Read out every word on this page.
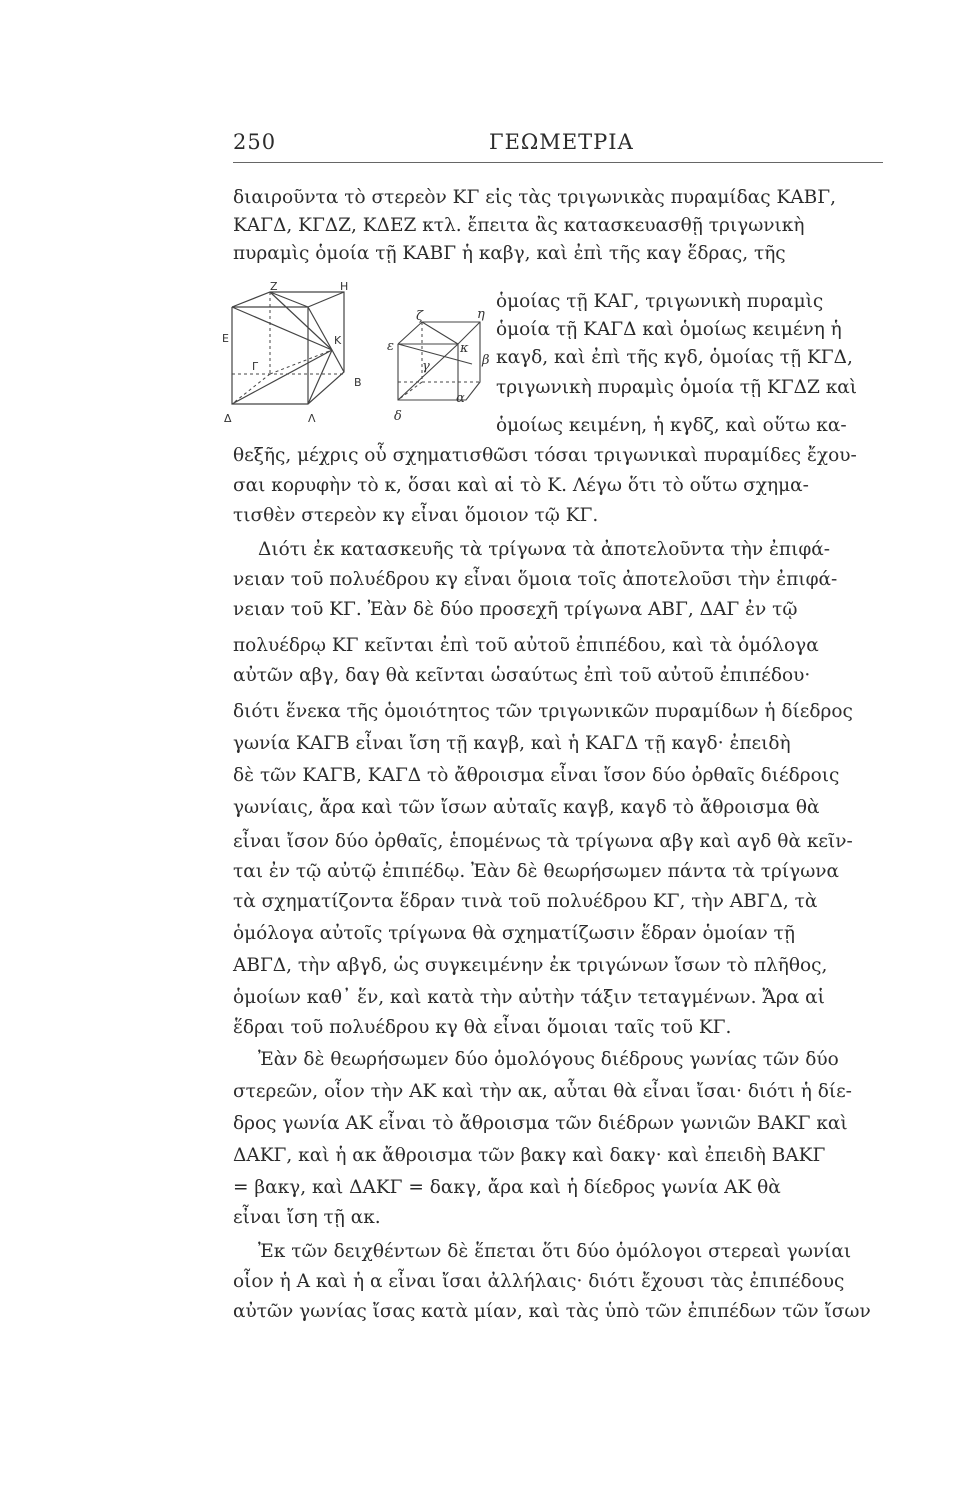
250	ΓΕΩΜΕΤΡΙΑ
Z	H
E	K
Γ
B
Δ	Λ
ζ	η
ε	κ
γ	β
α
δ
διαιροῦντα τὸ στερεὸν ΚΓ εἰς τὰς τριγωνικὰς πυραμίδας ΚΑΒΓ,
ΚΑΓΔ, ΚΓΔΖ, ΚΔΕΖ κτλ. ἔπειτα ἂς κατασκευασθῇ τριγωνικὴ
πυραμὶς ὁμοία τῇ ΚΑΒΓ ἡ καβγ, καὶ ἐπὶ τῆς καγ ἕδρας, τῆς
ὁμοίας τῇ ΚΑΓ, τριγωνικὴ πυραμὶς
ὁμοία τῇ ΚΑΓΔ καὶ ὁμοίως κειμένη ἡ
καγδ, καὶ ἐπὶ τῆς κγδ, ὁμοίας τῇ ΚΓΔ,
τριγωνικὴ πυραμὶς ὁμοία τῇ ΚΓΔΖ καὶ
ὁμοίως κειμένη, ἡ κγδζ, καὶ οὕτω κα-
θεξῆς, μέχρις οὗ σχηματισθῶσι τόσαι τριγωνικαὶ πυραμίδες ἔχου-
σαι κορυφὴν τὸ κ, ὅσαι καὶ αἱ τὸ Κ. Λέγω ὅτι τὸ οὕτω σχημα-
τισθὲν στερεὸν κγ εἶναι ὅμοιον τῷ ΚΓ.
Διότι ἐκ κατασκευῆς τὰ τρίγωνα τὰ ἀποτελοῦντα τὴν ἐπιφά-
νειαν τοῦ πολυέδρου κγ εἶναι ὅμοια τοῖς ἀποτελοῦσι τὴν ἐπιφά-
νειαν τοῦ ΚΓ. Ἐὰν δὲ δύο προσεχῆ τρίγωνα ΑΒΓ, ΔΑΓ ἐν τῷ
πολυέδρῳ ΚΓ κεῖνται ἐπὶ τοῦ αὐτοῦ ἐπιπέδου, καὶ τὰ ὁμόλογα
αὐτῶν αβγ, δαγ θὰ κεῖνται ὡσαύτως ἐπὶ τοῦ αὐτοῦ ἐπιπέδου·
διότι ἕνεκα τῆς ὁμοιότητος τῶν τριγωνικῶν πυραμίδων ἡ δίεδρος
γωνία ΚΑΓΒ εἶναι ἴση τῇ καγβ, καὶ ἡ ΚΑΓΔ τῇ καγδ· ἐπειδὴ
δὲ τῶν ΚΑΓΒ, ΚΑΓΔ τὸ ἄθροισμα εἶναι ἴσον δύο ὀρθαῖς διέδροις
γωνίαις, ἄρα καὶ τῶν ἴσων αὐταῖς καγβ, καγδ τὸ ἄθροισμα θὰ
εἶναι ἴσον δύο ὀρθαῖς, ἑπομένως τὰ τρίγωνα αβγ καὶ αγδ θὰ κεῖν-
ται ἐν τῷ αὐτῷ ἐπιπέδῳ. Ἐὰν δὲ θεωρήσωμεν πάντα τὰ τρίγωνα
τὰ σχηματίζοντα ἕδραν τινὰ τοῦ πολυέδρου ΚΓ, τὴν ΑΒΓΔ, τὰ
ὁμόλογα αὐτοῖς τρίγωνα θὰ σχηματίζωσιν ἕδραν ὁμοίαν τῇ
ΑΒΓΔ, τὴν αβγδ, ὡς συγκειμένην ἐκ τριγώνων ἴσων τὸ πλῆθος,
ὁμοίων καθ᾿ ἕν, καὶ κατὰ τὴν αὐτὴν τάξιν τεταγμένων. Ἄρα αἱ
ἕδραι τοῦ πολυέδρου κγ θὰ εἶναι ὅμοιαι ταῖς τοῦ ΚΓ.
Ἐὰν δὲ θεωρήσωμεν δύο ὁμολόγους διέδρους γωνίας τῶν δύο
στερεῶν, οἷον τὴν ΑΚ καὶ τὴν ακ, αὗται θὰ εἶναι ἴσαι· διότι ἡ δίε-
δρος γωνία ΑΚ εἶναι τὸ ἄθροισμα τῶν διέδρων γωνιῶν ΒΑΚΓ καὶ
ΔΑΚΓ, καὶ ἡ ακ ἄθροισμα τῶν βακγ καὶ δακγ· καὶ ἐπειδὴ ΒΑΚΓ
= βακγ, καὶ ΔΑΚΓ = δακγ, ἄρα καὶ ἡ δίεδρος γωνία ΑΚ θὰ
εἶναι ἴση τῇ ακ.
Ἐκ τῶν δειχθέντων δὲ ἕπεται ὅτι δύο ὁμόλογοι στερεαὶ γωνίαι
οἷον ἡ Α καὶ ἡ α εἶναι ἴσαι ἀλλήλαις· διότι ἔχουσι τὰς ἐπιπέδους
αὐτῶν γωνίας ἴσας κατὰ μίαν, καὶ τὰς ὑπὸ τῶν ἐπιπέδων τῶν ἴσων
